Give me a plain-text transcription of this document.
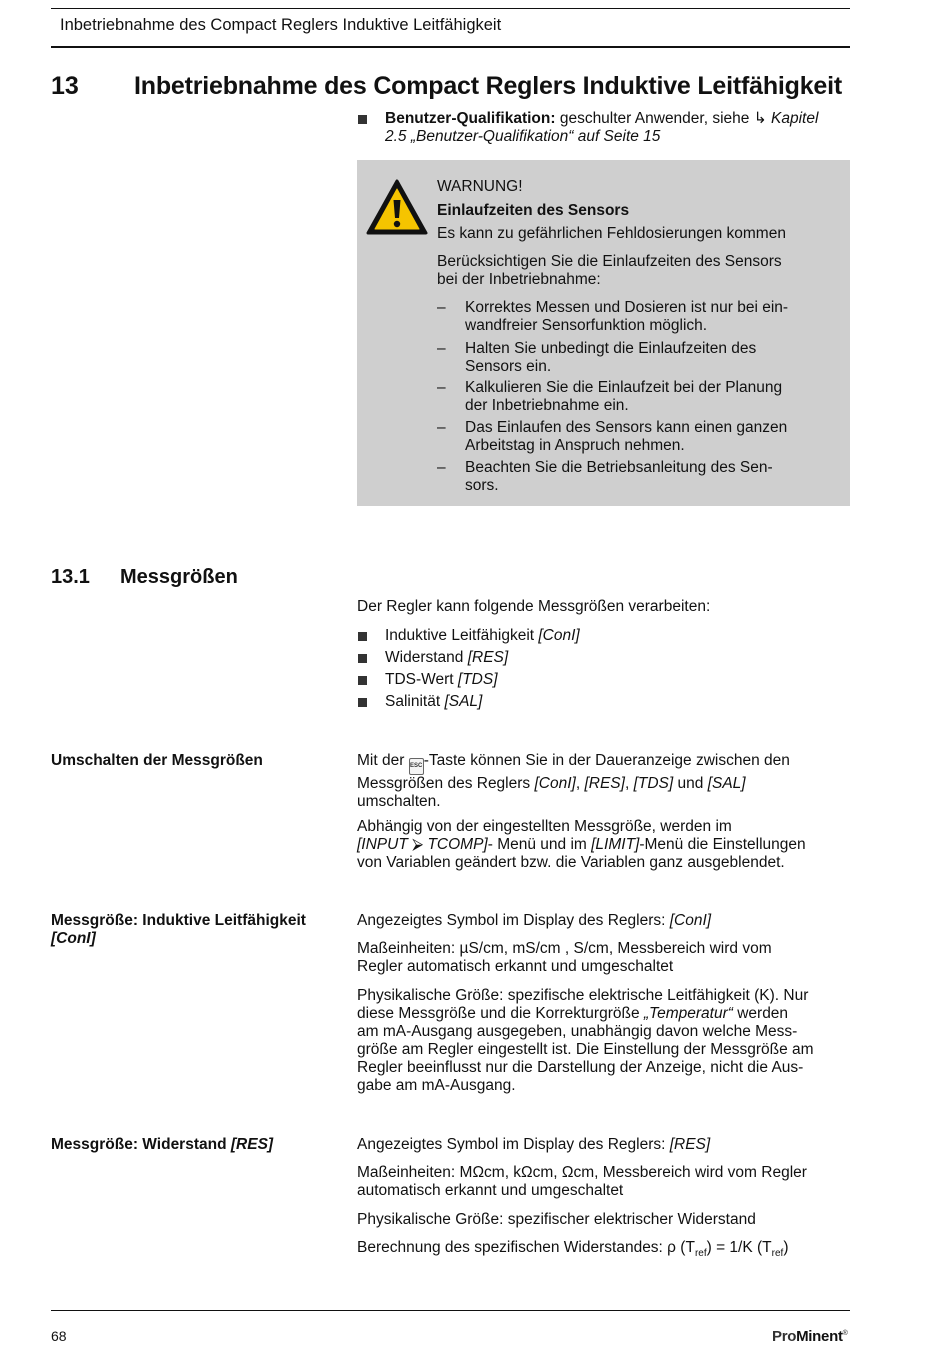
Inbetriebnahme des Compact Reglers Induktive Leitfähigkeit
13 Inbetriebnahme des Compact Reglers Induktive Leitfähigkeit
Benutzer-Qualifikation: geschulter Anwender, siehe ↳ Kapitel
2.5 „Benutzer-Qualifikation“ auf Seite 15
WARNUNG!
Einlaufzeiten des Sensors
Es kann zu gefährlichen Fehldosierungen kommen
Berücksichtigen Sie die Einlaufzeiten des Sensors
bei der Inbetriebnahme:
– Korrektes Messen und Dosieren ist nur bei ein-
wandfreier Sensorfunktion möglich.
– Halten Sie unbedingt die Einlaufzeiten des
Sensors ein.
– Kalkulieren Sie die Einlaufzeit bei der Planung
der Inbetriebnahme ein.
– Das Einlaufen des Sensors kann einen ganzen
Arbeitstag in Anspruch nehmen.
– Beachten Sie die Betriebsanleitung des Sen-
sors.
13.1 Messgrößen
Der Regler kann folgende Messgrößen verarbeiten:
Induktive Leitfähigkeit [ConI]
Widerstand [RES]
TDS-Wert [TDS]
Salinität [SAL]
Umschalten der Messgrößen	Mit der ESC-Taste können Sie in der Daueranzeige zwischen den
Messgrößen des Reglers [ConI], [RES], [TDS] und [SAL]
umschalten.
Abhängig von der eingestellten Messgröße, werden im
[INPUT ⮚ TCOMP]- Menü und im [LIMIT]-Menü die Einstellungen
von Variablen geändert bzw. die Variablen ganz ausgeblendet.
Messgröße: Induktive Leitfähigkeit
[ConI]
Angezeigtes Symbol im Display des Reglers: [ConI]
Maßeinheiten: µS/cm, mS/cm , S/cm, Messbereich wird vom
Regler automatisch erkannt und umgeschaltet
Physikalische Größe: spezifische elektrische Leitfähigkeit (Κ). Nur
diese Messgröße und die Korrekturgröße „Temperatur“ werden
am mA-Ausgang ausgegeben, unabhängig davon welche Mess-
größe am Regler eingestellt ist. Die Einstellung der Messgröße am
Regler beeinflusst nur die Darstellung der Anzeige, nicht die Aus-
gabe am mA-Ausgang.
Messgröße: Widerstand [RES]	Angezeigtes Symbol im Display des Reglers: [RES]
Maßeinheiten: MΩcm, kΩcm, Ωcm, Messbereich wird vom Regler
automatisch erkannt und umgeschaltet
Physikalische Größe: spezifischer elektrischer Widerstand
Berechnung des spezifischen Widerstandes: ρ $(T_{ref}) = 1/K$ $(T_{ref})$
68	ProMinent®
